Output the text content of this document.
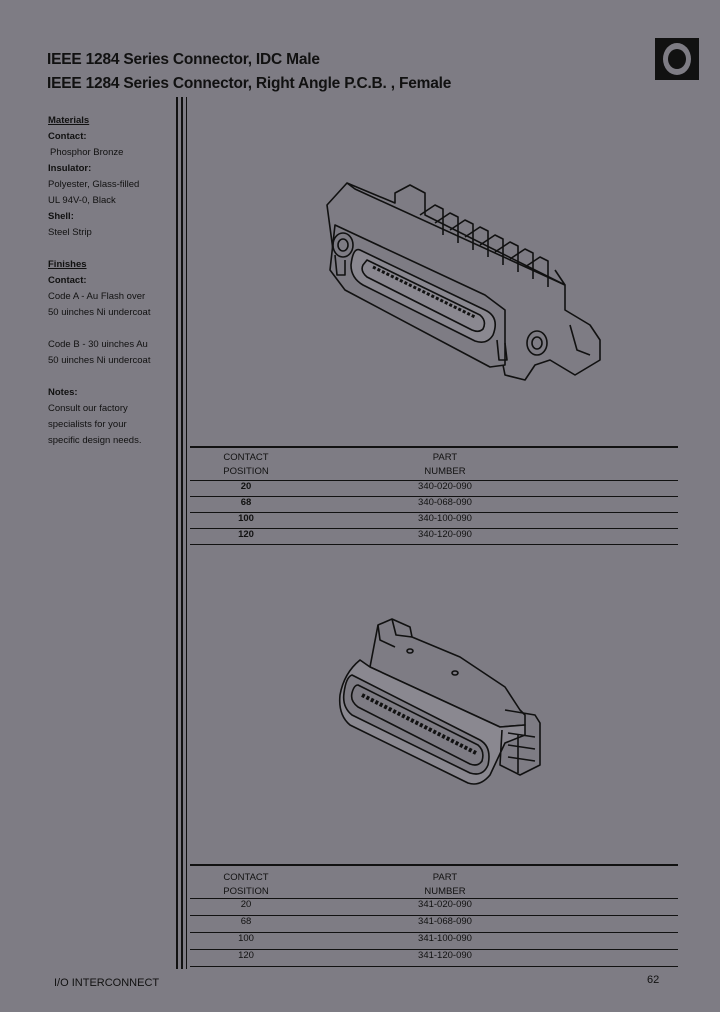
IEEE 1284 Series Connector, IDC Male
IEEE 1284 Series Connector, Right Angle P.C.B. , Female
Materials
Contact:
Phosphor Bronze
Insulator:
Polyester, Glass-filled
UL 94V-0, Black
Shell:
Steel Strip
Finishes
Contact:
Code A - Au Flash over
50 uinches Ni undercoat
Code B - 30 uinches Au
50 uinches Ni undercoat
Notes:
Consult our factory
specialists for your
specific design needs.
CONTACT
POSITION
PART
NUMBER
20	340-020-090
68	340-068-090
100	340-100-090
120	340-120-090
CONTACT
POSITION
PART
NUMBER
20	341-020-090
68	341-068-090
100	341-100-090
120	341-120-090
I/O INTERCONNECT	62
